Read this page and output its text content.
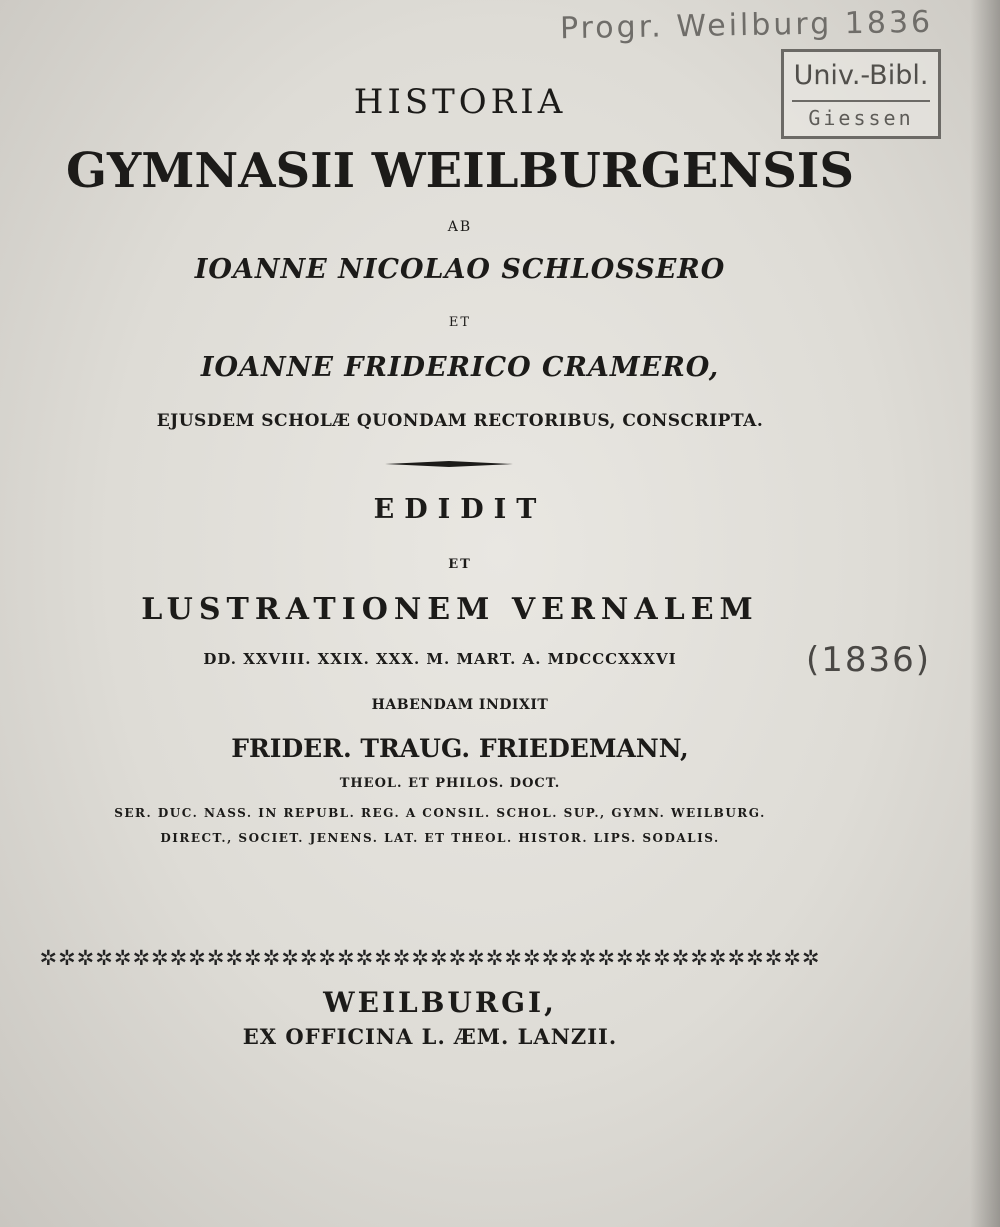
Progr. Weilburg 1836
Univ.-Bibl.
Giessen
HISTORIA
GYMNASII WEILBURGENSIS
AB
IOANNE NICOLAO SCHLOSSERO
ET
IOANNE FRIDERICO CRAMERO,
EJUSDEM SCHOLÆ QUONDAM RECTORIBUS, CONSCRIPTA.
EDIDIT
ET
LUSTRATIONEM VERNALEM
DD. XXVIII. XXIX. XXX. M. MART. A. MDCCCXXXVI	(1836)
HABENDAM INDIXIT
FRIDER. TRAUG. FRIEDEMANN,
THEOL. ET PHILOS. DOCT.
SER. DUC. NASS. IN REPUBL. REG. A CONSIL. SCHOL. SUP., GYMN. WEILBURG.
DIRECT., SOCIET. JENENS. LAT. ET THEOL. HISTOR. LIPS. SODALIS.
✲✲✲✲✲✲✲✲✲✲✲✲✲✲✲✲✲✲✲✲✲✲✲✲✲✲✲✲✲✲✲✲✲✲✲✲✲✲✲✲✲✲
WEILBURGI,
EX OFFICINA L. ÆM. LANZII.
